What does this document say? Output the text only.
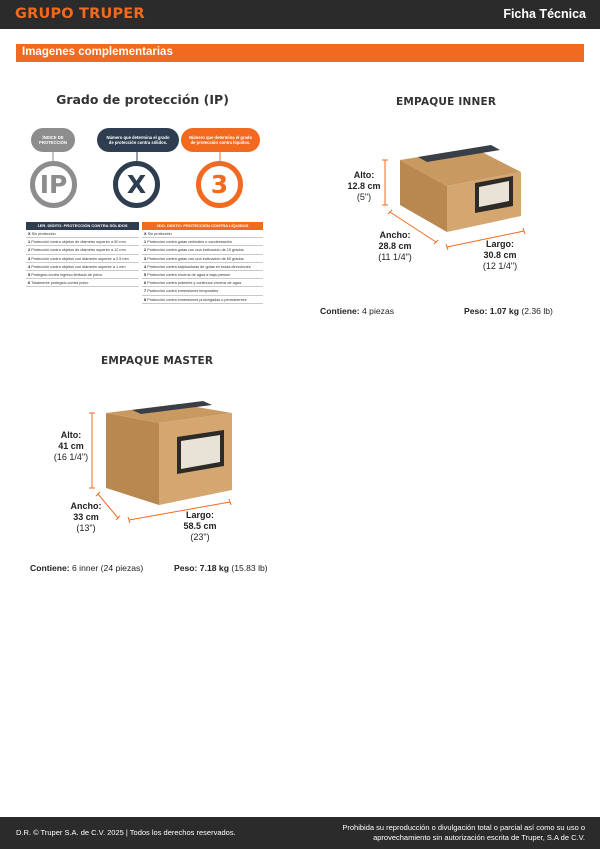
GRUPO TRUPER	Ficha Técnica
Imagenes complementarias
Grado de protección (IP)
ÍNDICE DE
PROTECCIÓN
Número que determina el grado
de protección contra sólidos.
Número que determina el grado
de protección contra líquidos.
IP	X	3
1ER. DÍGITO: PROTECCIÓN CONTRA SÓLIDOS
X Sin protección
1 Protección contra objetos de diámetro superior a 50 mm
2 Protección contra objetos de diámetro superior a 12 mm
3 Protección contra objetos con diámetro superior a 2.5 mm
4 Protección contra objetos con diámetro superior a 1 mm
5 Protegido contra ingreso limitado de polvo
6 Totalmente protegido contra polvo
2DO. DÍGITO: PROTECCIÓN CONTRA LÍQUIDOS
X Sin protección
1 Protección contra gotas verticales o condensación
2 Protección contra gotas con una inclinación de 15 grados
3 Protección contra gotas con una inclinación de 60 grados
4 Protección contra salpicaduras de gotas en todas direcciones
5 Protección contra chorros de agua a baja presión
6 Protección contra potentes y continuos chorros de agua
7 Protección contra inmersiones temporales
8 Protección contra inmersiones prolongadas o permanentes
EMPAQUE INNER
Alto:
12.8 cm
(5")
Ancho:
28.8 cm
(11 1/4")
Largo:
30.8 cm
(12 1/4")
Contiene: 4 piezas	Peso: 1.07 kg (2.36 lb)
EMPAQUE MASTER
Alto:
41 cm
(16 1/4")
Ancho:
33 cm
(13")
Largo:
58.5 cm
(23")
Contiene: 6 inner (24 piezas)	Peso: 7.18 kg (15.83 lb)
D.R. © Truper S.A. de C.V. 2025 | Todos los derechos reservados.
Prohibida su reproducción o divulgación total o parcial así como su uso o
aprovechamiento sin autorización escrita de Truper, S.A de C.V.
